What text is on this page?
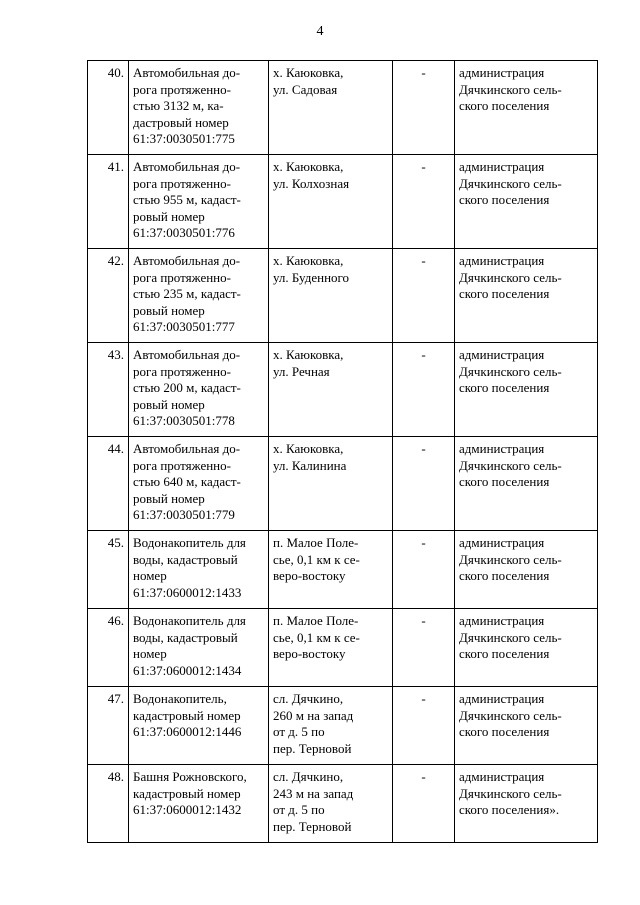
4
40.	Автомобильная до-
рога протяженно-
стью 3132 м, ка-
дастровый номер
61:37:0030501:775	х. Каюковка,
ул. Садовая	-	администрация
Дячкинского сель-
ского поселения
41.	Автомобильная до-
рога протяженно-
стью 955 м, кадаст-
ровый номер
61:37:0030501:776	х. Каюковка,
ул. Колхозная	-	администрация
Дячкинского сель-
ского поселения
42.	Автомобильная до-
рога протяженно-
стью 235 м, кадаст-
ровый номер
61:37:0030501:777	х. Каюковка,
ул. Буденного	-	администрация
Дячкинского сель-
ского поселения
43.	Автомобильная до-
рога протяженно-
стью 200 м, кадаст-
ровый номер
61:37:0030501:778	х. Каюковка,
ул. Речная	-	администрация
Дячкинского сель-
ского поселения
44.	Автомобильная до-
рога протяженно-
стью 640 м, кадаст-
ровый номер
61:37:0030501:779	х. Каюковка,
ул. Калинина	-	администрация
Дячкинского сель-
ского поселения
45.	Водонакопитель для
воды, кадастровый
номер
61:37:0600012:1433	п. Малое Поле-
сье, 0,1 км к се-
веро-востоку	-	администрация
Дячкинского сель-
ского поселения
46.	Водонакопитель для
воды, кадастровый
номер
61:37:0600012:1434	п. Малое Поле-
сье, 0,1 км к се-
веро-востоку	-	администрация
Дячкинского сель-
ского поселения
47.	Водонакопитель,
кадастровый номер
61:37:0600012:1446	сл. Дячкино,
260 м на запад
от д. 5 по
пер. Терновой	-	администрация
Дячкинского сель-
ского поселения
48.	Башня Рожновского,
кадастровый номер
61:37:0600012:1432	сл. Дячкино,
243 м на запад
от д. 5 по
пер. Терновой	-	администрация
Дячкинского сель-
ского поселения».
